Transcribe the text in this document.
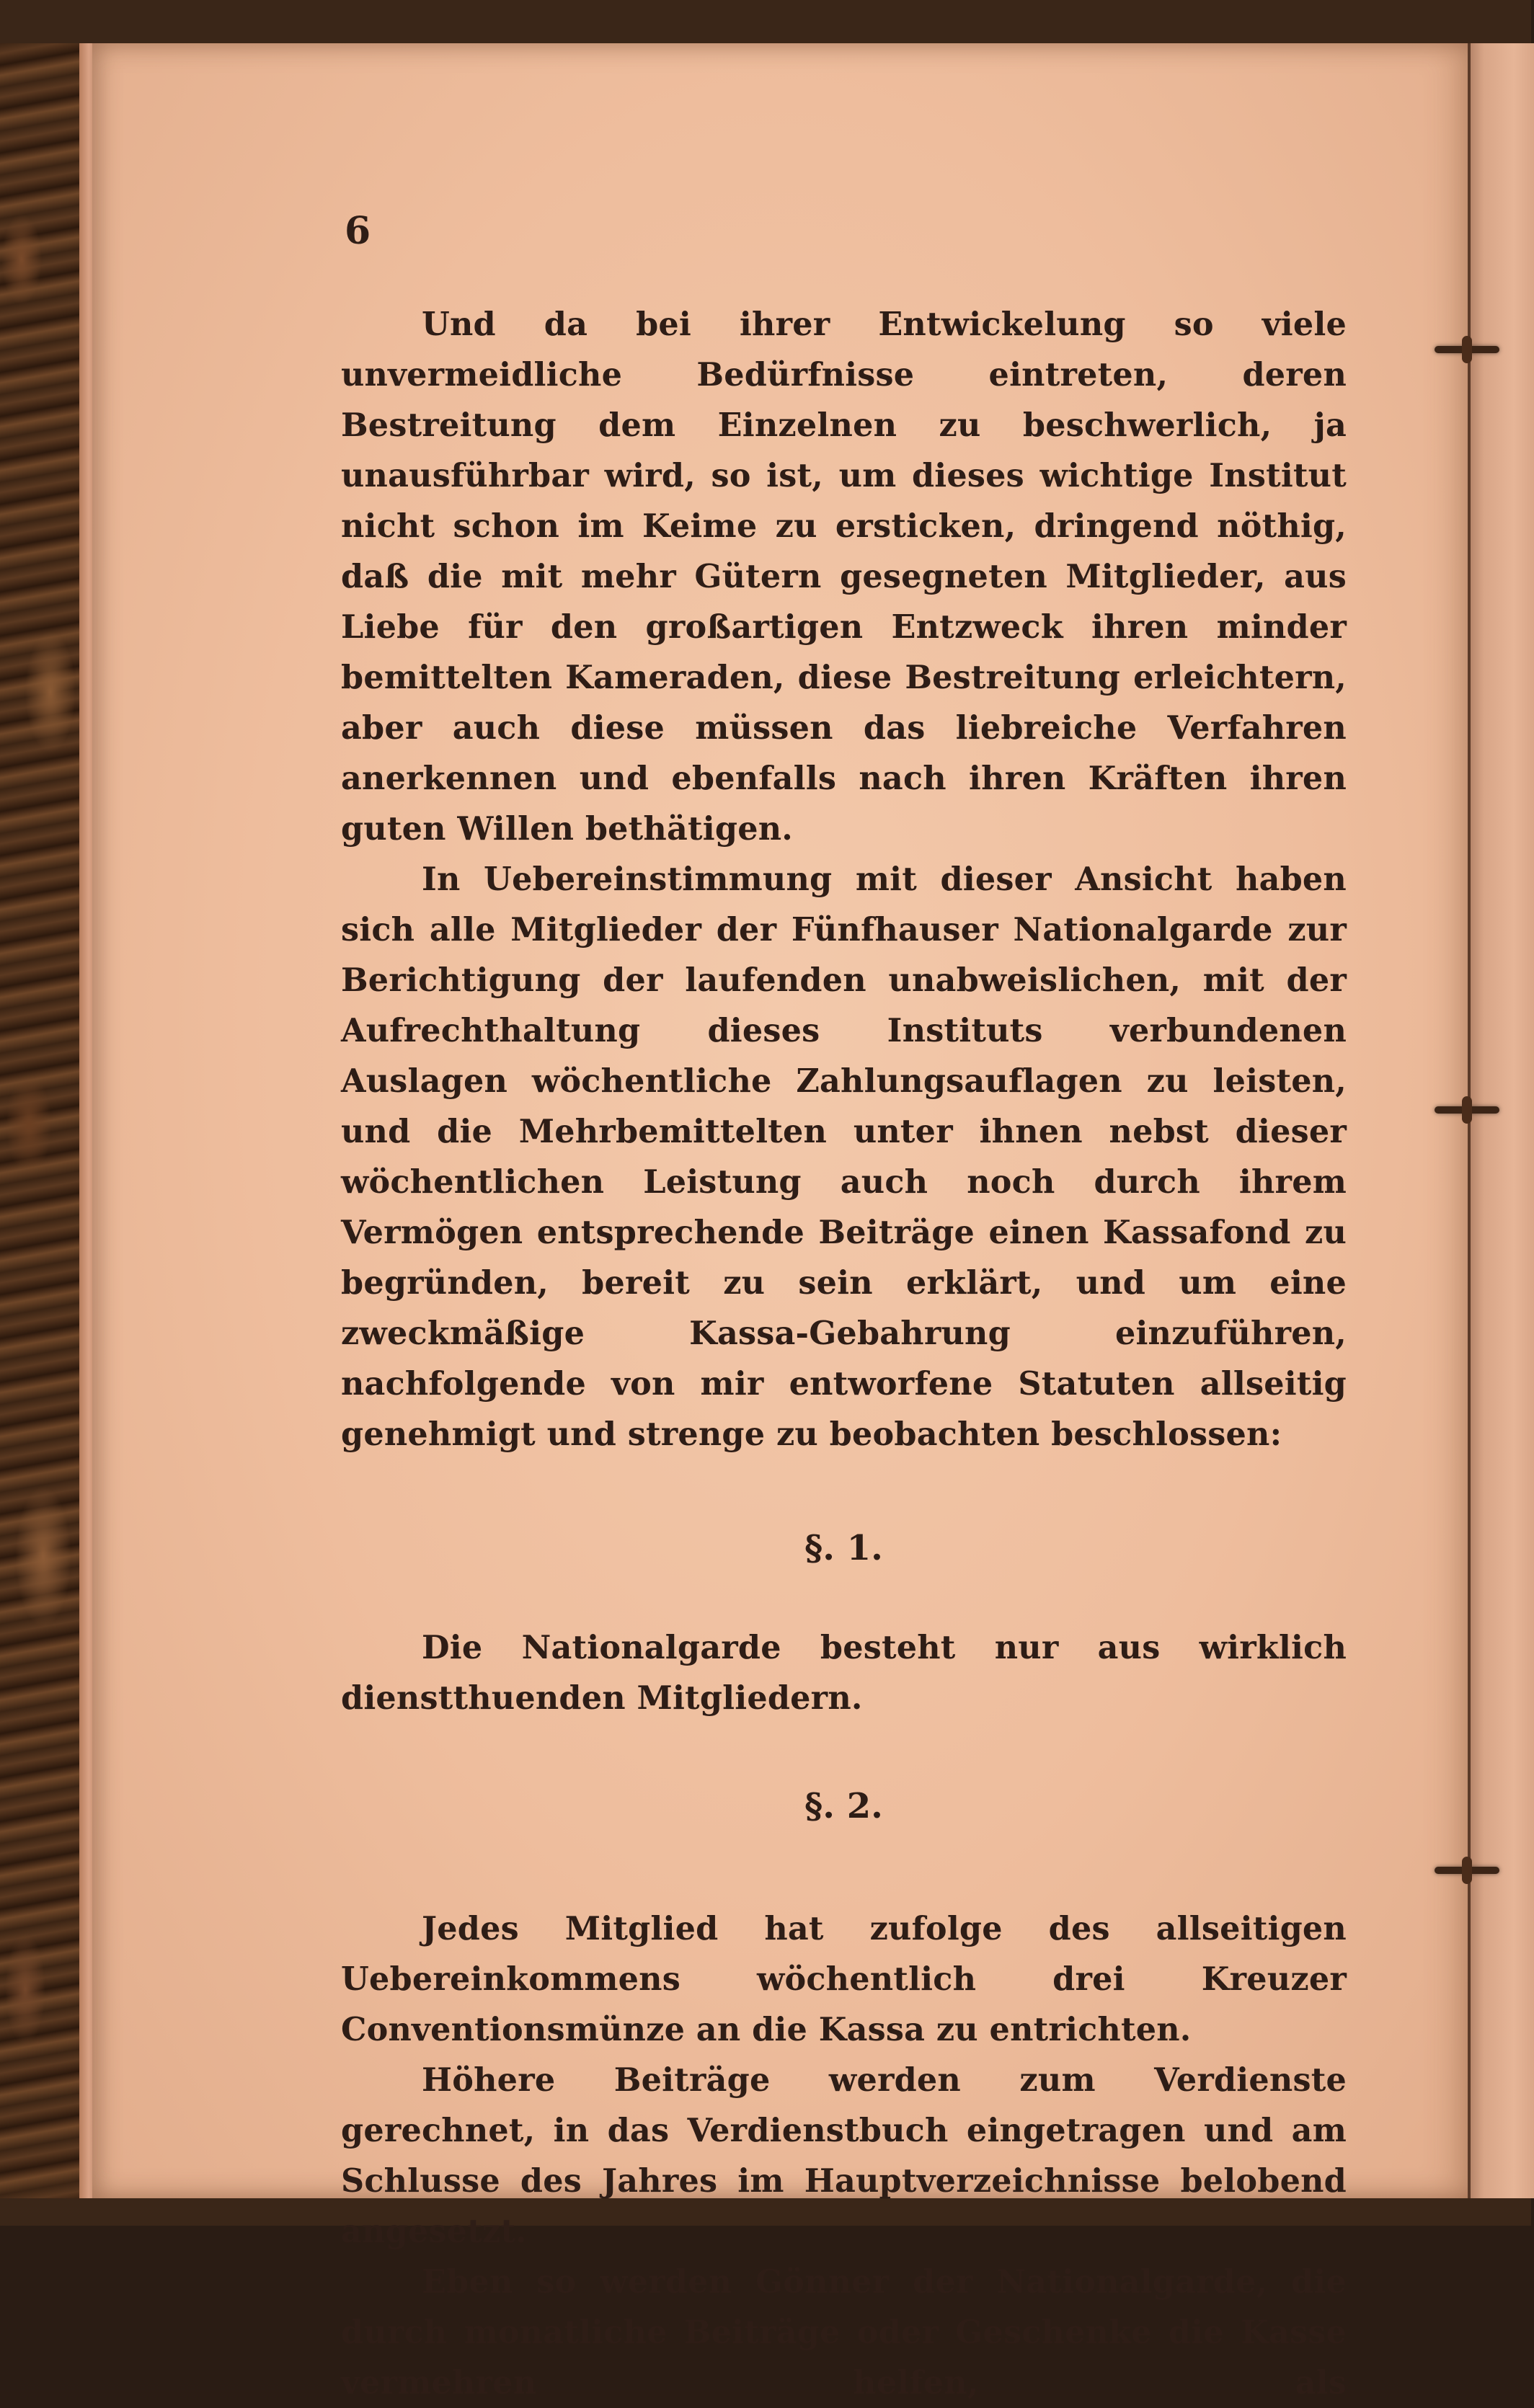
6

Und da bei ihrer Entwickelung so viele unvermeidliche Bedürfnisse eintreten, deren Bestreitung dem Einzelnen zu beschwerlich, ja unausführbar wird, so ist, um dieses wichtige Institut nicht schon im Keime zu ersticken, dringend nöthig, daß die mit mehr Gütern gesegneten Mitglieder, aus Liebe für den großartigen Entzweck ihren minder bemittelten Kameraden, diese Bestreitung erleichtern, aber auch diese müssen das liebreiche Verfahren anerkennen und ebenfalls nach ihren Kräften ihren guten Willen bethätigen.

In Uebereinstimmung mit dieser Ansicht haben sich alle Mitglieder der Fünfhauser Nationalgarde zur Berichtigung der laufenden unabweislichen, mit der Aufrechthaltung dieses Instituts verbundenen Auslagen wöchentliche Zahlungsauflagen zu leisten, und die Mehrbemittelten unter ihnen nebst dieser wöchentlichen Leistung auch noch durch ihrem Vermögen entsprechende Beiträge einen Kassafond zu begründen, bereit zu sein erklärt, und um eine zweckmäßige Kassa-Gebahrung einzuführen, nachfolgende von mir entworfene Statuten allseitig genehmigt und strenge zu beobachten beschlossen:

§. 1.

Die Nationalgarde besteht nur aus wirklich dienstthuenden Mitgliedern.

§. 2.

Jedes Mitglied hat zufolge des allseitigen Uebereinkommens wöchentlich drei Kreuzer Conventionsmünze an die Kassa zu entrichten.

Höhere Beiträge werden zum Verdienste gerechnet, in das Verdienstbuch eingetragen und am Schlusse des Jahres im Hauptverzeichnisse belobend angesetzt.

Eben so werden Gönner der Nationalgarde, die durch monatliche Beiträge oder Geschenke die Kasse vermehren helfen, als
